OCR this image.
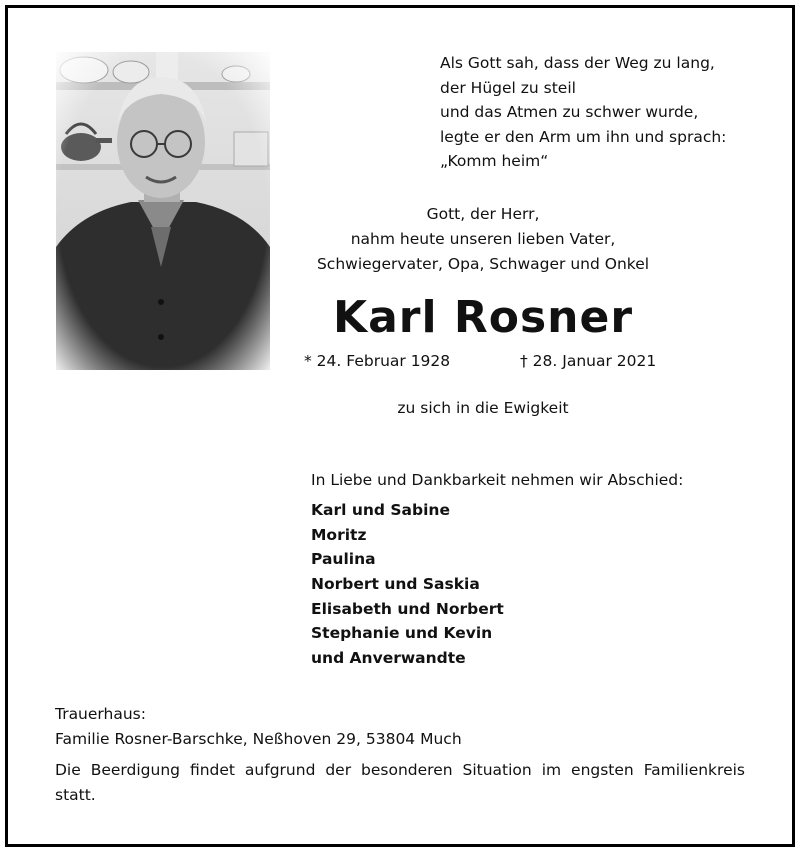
Als Gott sah, dass der Weg zu lang,
der Hügel zu steil
und das Atmen zu schwer wurde,
legte er den Arm um ihn und sprach:
„Komm heim“
Gott, der Herr,
nahm heute unseren lieben Vater,
Schwiegervater, Opa, Schwager und Onkel
Karl Rosner
* 24. Februar 1928	† 28. Januar 2021
zu sich in die Ewigkeit
In Liebe und Dankbarkeit nehmen wir Abschied:
Karl und Sabine
Moritz
Paulina
Norbert und Saskia
Elisabeth und Norbert
Stephanie und Kevin
und Anverwandte
Trauerhaus:
Familie Rosner-Barschke, Neßhoven 29, 53804 Much
Die Beerdigung findet aufgrund der besonderen Situation im engsten Familienkreis statt.
